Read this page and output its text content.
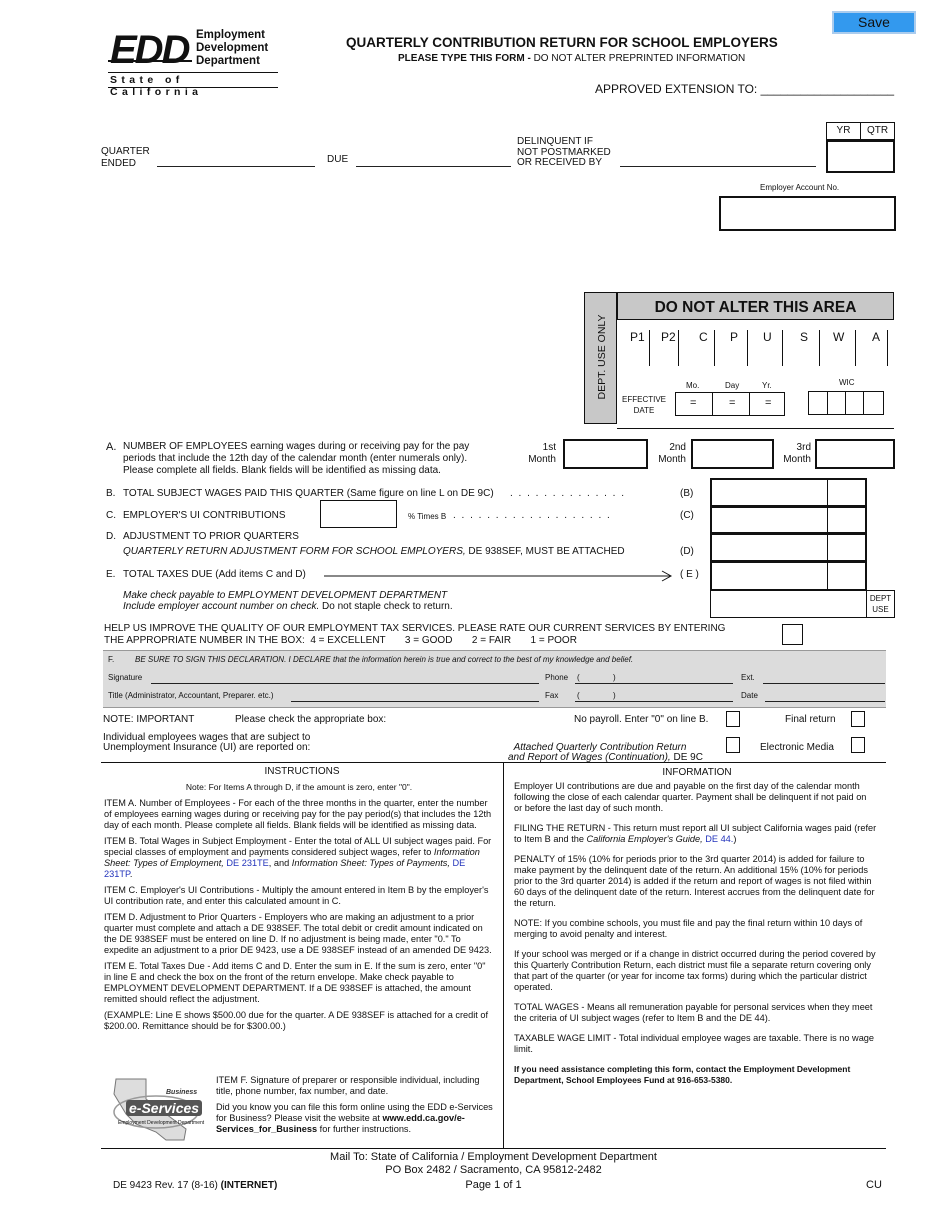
Save
EDD Employment
Development
Department
State of California
QUARTERLY CONTRIBUTION RETURN FOR SCHOOL EMPLOYERS
PLEASE TYPE THIS FORM - DO NOT ALTER PREPRINTED INFORMATION
APPROVED EXTENSION TO: ____________________
QUARTER
ENDED	DUE
DELINQUENT IF
NOT POSTMARKED
OR RECEIVED BY
YR	QTR
Employer Account No.
DEPT. USE ONLY
DO NOT ALTER THIS AREA
P1 P2 C P U S W A
Mo.	Day	Yr.
EFFECTIVE
DATE
=	=	=
WIC
A. NUMBER OF EMPLOYEES earning wages during or receiving pay for the pay
periods that include the 12th day of the calendar month (enter numerals only).
Please complete all fields. Blank fields will be identified as missing data.
1st
Month
2nd
Month
3rd
Month
B. TOTAL SUBJECT WAGES PAID THIS QUARTER (Same figure on line L on DE 9C) . . . . . . . . . . . . . .	(B)
C. EMPLOYER'S UI CONTRIBUTIONS	% Times B . . . . . . . . . . . . . . . . . . .	(C)
D. ADJUSTMENT TO PRIOR QUARTERS
QUARTERLY RETURN ADJUSTMENT FORM FOR SCHOOL EMPLOYERS, DE 938SEF, MUST BE ATTACHED	(D)
E. TOTAL TAXES DUE (Add items C and D)	( E )
Make check payable to EMPLOYMENT DEVELOPMENT DEPARTMENT
Include employer account number on check. Do not staple check to return.
DEPT
USE
HELP US IMPROVE THE QUALITY OF OUR EMPLOYMENT TAX SERVICES. PLEASE RATE OUR CURRENT SERVICES BY ENTERING
THE APPROPRIATE NUMBER IN THE BOX:  4 = EXCELLENT       3 = GOOD       2 = FAIR       1 = POOR
F.	BE SURE TO SIGN THIS DECLARATION. I DECLARE that the information herein is true and correct to the best of my knowledge and belief.
Signature	Phone (	)	Ext.
Title (Administrator, Accountant, Preparer. etc.)	Fax (	)	Date
NOTE: IMPORTANT	Please check the appropriate box:	No payroll. Enter "0" on line B.	Final return
Individual employees wages that are subject to
Unemployment Insurance (UI) are reported on:	Attached Quarterly Contribution Return
and Report of Wages (Continuation), DE 9C

Electronic Media
INSTRUCTIONS	INFORMATION

Note: For Items A through D, if the amount is zero, enter "0".

ITEM A. Number of Employees - For each of the three months in the quarter, enter the number of employees earning wages during or receiving pay for the pay period(s) that includes the 12th day of each month. Please complete all fields. Blank fields will be identified as missing data.

ITEM B. Total Wages in Subject Employment - Enter the total of ALL UI subject wages paid. For special classes of employment and payments considered subject wages, refer to Information Sheet: Types of Employment, DE 231TE, and Information Sheet: Types of Payments, DE 231TP.

ITEM C. Employer's UI Contributions - Multiply the amount entered in Item B by the employer's UI contribution rate, and enter this calculated amount in C.

ITEM D. Adjustment to Prior Quarters - Employers who are making an adjustment to a prior quarter must complete and attach a DE 938SEF. The total debit or credit amount indicated on the DE 938SEF must be entered on line D. If no adjustment is being made, enter "0." To expedite an adjustment to a prior DE 9423, use a DE 938SEF instead of an amended DE 9423.

ITEM E. Total Taxes Due - Add items C and D. Enter the sum in E. If the sum is zero, enter "0" in line E and check the box on the front of the return envelope. Make check payable to EMPLOYMENT DEVELOPMENT DEPARTMENT. If a DE 938SEF is attached, the amount remitted should reflect the adjustment.

(EXAMPLE: Line E shows $500.00 due for the quarter. A DE 938SEF is attached for a credit of $200.00. Remittance should be for $300.00.)

e-Services
Business
Employment Development Department

ITEM F. Signature of preparer or responsible individual, including title, phone number, fax number, and date.

Did you know you can file this form online using the EDD e-Services for Business? Please visit the website at www.edd.ca.gov/e-Services_for_Business for further instructions.

Employer UI contributions are due and payable on the first day of the calendar month following the close of each calendar quarter. Payment shall be delinquent if not paid on or before the last day of such month.

FILING THE RETURN - This return must report all UI subject California wages paid (refer to Item B and the California Employer's Guide, DE 44.)

PENALTY of 15% (10% for periods prior to the 3rd quarter 2014) is added for failure to make payment by the delinquent date of the return. An additional 15% (10% for periods prior to the 3rd quarter 2014) is added if the return and report of wages is not filed within 60 days of the delinquent date of the return. Interest accrues from the delinquent date for the return.

NOTE: If you combine schools, you must file and pay the final return within 10 days of merging to avoid penalty and interest.

If your school was merged or if a change in district occurred during the period covered by this Quarterly Contribution Return, each district must file a separate return covering only that part of the quarter (or year for income tax forms) during which the particular district operated.

TOTAL WAGES - Means all remuneration payable for personal services when they meet the criteria of UI subject wages (refer to Item B and the DE 44).

TAXABLE WAGE LIMIT - Total individual employee wages are taxable. There is no wage limit.

If you need assistance completing this form, contact the Employment Development Department, School Employees Fund at 916-653-5380.

Mail To: State of California / Employment Development Department
PO Box 2482 / Sacramento, CA 95812-2482
DE 9423 Rev. 17 (8-16) (INTERNET)	Page 1 of 1	CU
